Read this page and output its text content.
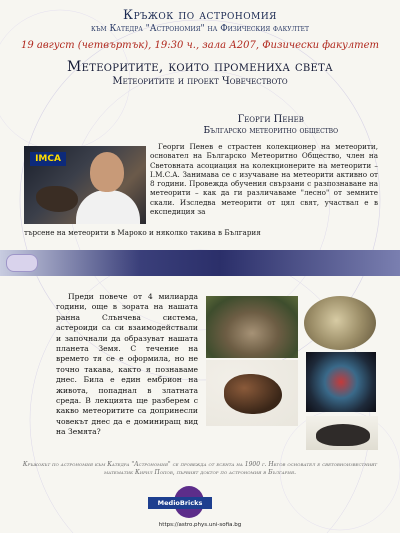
Кръжок по астрономия
към Катедра "Астрономия" на Физическия факултет
19 август (четвъртък), 19:30 ч., зала А207, Физически факултет
Метеоритите, които промениха света
Метеоритите и проект Човечеството
Георги Пенев
Българско метеоритно общество
IMCA

Георги Пенев е страстен колекционер на метеорити, основател на Българско Метеоритно Общество, член на Световната асоциация на колекционерите на метеорити – I.M.C.A. Занимава се с изучаване на метеорити активно от 8 години. Провежда обучения свързани с разпознаване на метеорити – как да ги различаваме "лесно" от земните скали. Изследва метеорити от цял свят, участвал е в експедиция за

търсене на метеорити в Мароко и няколко такива в България

Преди повече от 4 милиарда години, още в зората на нашата ранна Слънчева система, астероиди са си взаимодействали и започнали да образуват нашата планета Земя. С течение на времето тя се е оформила, но не точно такава, както я познаваме днес. Била е един ембрион на живота, попаднал в златната среда. В лекцията ще разберем с какво метеоритите са допринесли човекът днес да е доминиращ вид на Земята?

Кръжокът по астрономия към Катедра "Астрономия" се провежда от есента на 1900 г. Негов основател е световноизвестният математик Кирил Попов, първият доктор по астрономия в България.

MedioBricks
https://astro.phys.uni-sofia.bg
